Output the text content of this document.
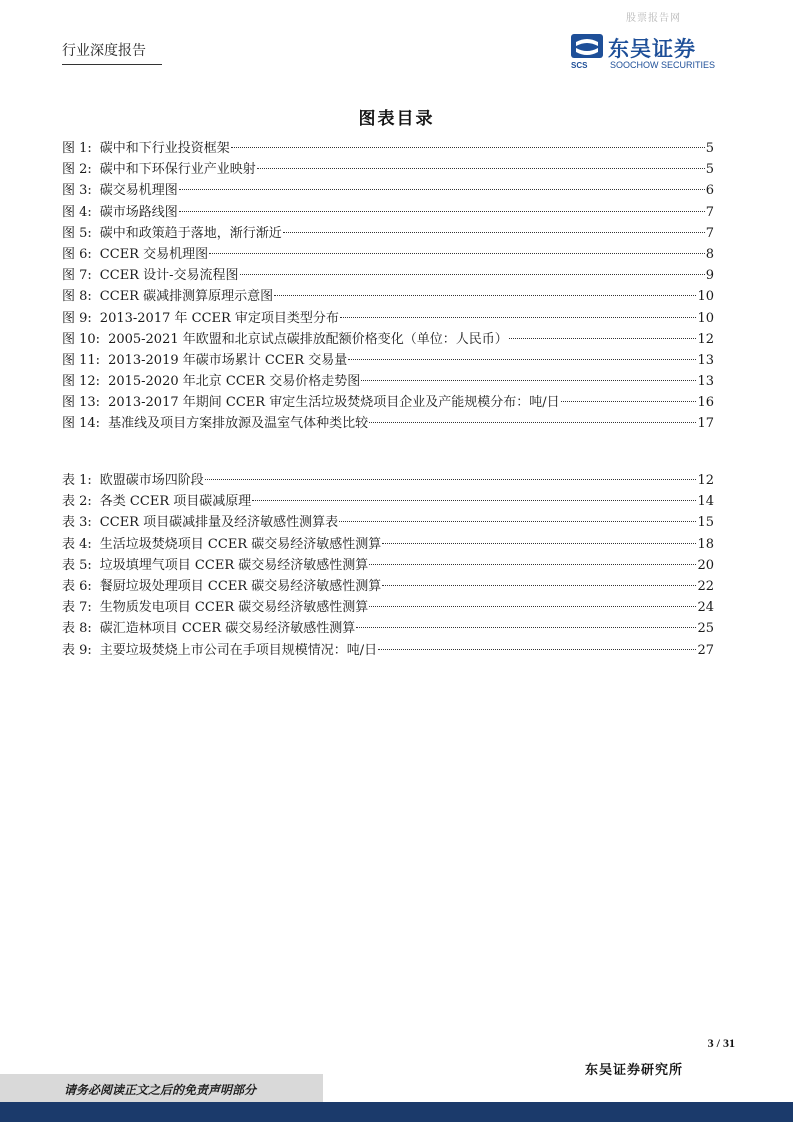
股票报告网
行业深度报告
SCS
东吴证券
SOOCHOW SECURITIES
图表目录
图 1: 碳中和下行业投资框架	5
图 2: 碳中和下环保行业产业映射	5
图 3: 碳交易机理图	6
图 4: 碳市场路线图	7
图 5: 碳中和政策趋于落地，渐行渐近	7
图 6: CCER 交易机理图	8
图 7: CCER 设计-交易流程图	9
图 8: CCER 碳减排测算原理示意图	10
图 9: 2013-2017 年 CCER 审定项目类型分布	10
图 10: 2005-2021 年欧盟和北京试点碳排放配额价格变化（单位：人民币）	12
图 11: 2013-2019 年碳市场累计 CCER 交易量	13
图 12: 2015-2020 年北京 CCER 交易价格走势图	13
图 13: 2013-2017 年期间 CCER 审定生活垃圾焚烧项目企业及产能规模分布：吨/日	16
图 14: 基准线及项目方案排放源及温室气体种类比较	17
表 1: 欧盟碳市场四阶段	12
表 2: 各类 CCER 项目碳减原理	14
表 3: CCER 项目碳减排量及经济敏感性测算表	15
表 4: 生活垃圾焚烧项目 CCER 碳交易经济敏感性测算	18
表 5: 垃圾填埋气项目 CCER 碳交易经济敏感性测算	20
表 6: 餐厨垃圾处理项目 CCER 碳交易经济敏感性测算	22
表 7: 生物质发电项目 CCER 碳交易经济敏感性测算	24
表 8: 碳汇造林项目 CCER 碳交易经济敏感性测算	25
表 9: 主要垃圾焚烧上市公司在手项目规模情况：吨/日	27
3 / 31
东吴证券研究所
请务必阅读正文之后的免责声明部分
